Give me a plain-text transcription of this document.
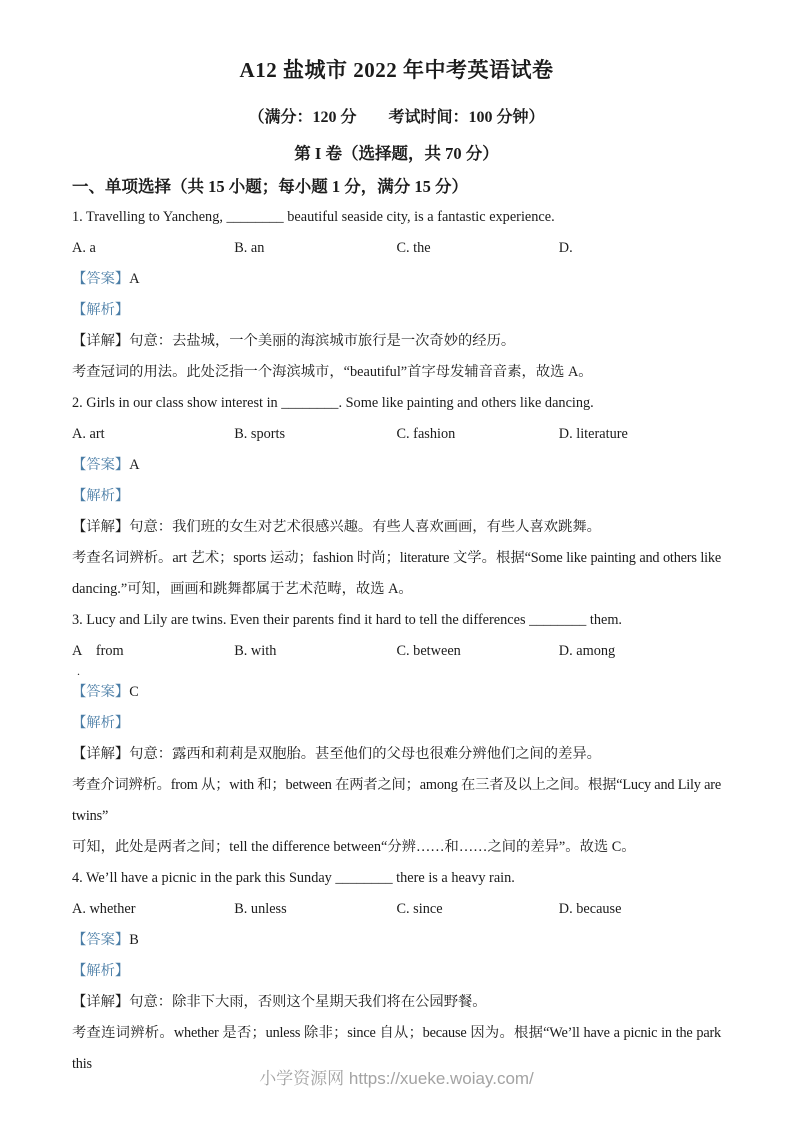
A12 盐城市 2022 年中考英语试卷
（满分：120 分　　考试时间：100 分钟）
第 I 卷（选择题，共 70 分）
一、单项选择（共 15 小题；每小题 1 分，满分 15 分）
1. Travelling to Yancheng, ________ beautiful seaside city, is a fantastic experience.
A. a	B. an	C. the	D.
【答案】A
【解析】
【详解】句意：去盐城，一个美丽的海滨城市旅行是一次奇妙的经历。
考查冠词的用法。此处泛指一个海滨城市，“beautiful”首字母发辅音音素，故选 A。
2. Girls in our class show interest in ________. Some like painting and others like dancing.
A. art	B. sports	C. fashion	D. literature
【答案】A
【解析】
【详解】句意：我们班的女生对艺术很感兴趣。有些人喜欢画画，有些人喜欢跳舞。
考查名词辨析。art 艺术；sports 运动；fashion 时尚；literature 文学。根据“Some like painting and others like
dancing.”可知，画画和跳舞都属于艺术范畴，故选 A。
3. Lucy and Lily are twins. Even their parents find it hard to tell the differences ________ them.
A　from	B. with	C. between	D. among
.
【答案】C
【解析】
【详解】句意：露西和莉莉是双胞胎。甚至他们的父母也很难分辨他们之间的差异。
考查介词辨析。from 从；with 和；between 在两者之间；among 在三者及以上之间。根据“Lucy and Lily are twins”
可知，此处是两者之间；tell the difference between“分辨……和……之间的差异”。故选 C。
4. We’ll have a picnic in the park this Sunday ________ there is a heavy rain.
A. whether	B. unless	C. since	D. because
【答案】B
【解析】
【详解】句意：除非下大雨，否则这个星期天我们将在公园野餐。
考查连词辨析。whether 是否；unless 除非；since 自从；because 因为。根据“We’ll have a picnic in the park this
小学资源网 https://xueke.woiay.com/
